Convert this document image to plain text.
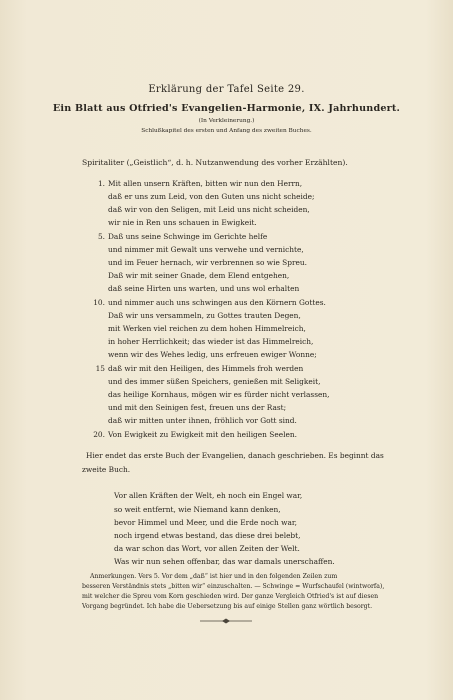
Erklärung der Tafel Seite 29.
Ein Blatt aus Otfried's Evangelien-Harmonie, IX. Jahrhundert.
(In Verkleinerung.)
Schlußkapitel des ersten und Anfang des zweiten Buches.
Spiritaliter („Geistlich“, d. h. Nutzanwendung des vorher Erzählten).
1. Mit allen unsern Kräften, bitten wir nun den Herrn,
daß er uns zum Leid, von den Guten uns nicht scheide;
daß wir von den Seligen, mit Leid uns nicht scheiden,
wir nie in Ren uns schauen in Ewigkeit.
5. Daß uns seine Schwinge im Gerichte helfe
und nimmer mit Gewalt uns verwehe und vernichte,
und im Feuer hernach, wir verbrennen so wie Spreu.
Daß wir mit seiner Gnade, dem Elend entgehen,
daß seine Hirten uns warten, und uns wol erhalten
10. und nimmer auch uns schwingen aus den Körnern Gottes.
Daß wir uns versammeln, zu Gottes trauten Degen,
mit Werken viel reichen zu dem hohen Himmelreich,
in hoher Herrlichkeit; das wieder ist das Himmelreich,
wenn wir des Wehes ledig, uns erfreuen ewiger Wonne;
15 daß wir mit den Heiligen, des Himmels froh werden
und des immer süßen Speichers, genießen mit Seligkeit,
das heilige Kornhaus, mögen wir es fürder nicht verlassen,
und mit den Seinigen fest, freuen uns der Rast;
daß wir mitten unter ihnen, fröhlich vor Gott sind.
20. Von Ewigkeit zu Ewigkeit mit den heiligen Seelen.
Hier endet das erste Buch der Evangelien, danach geschrieben. Es beginnt das
zweite Buch.
Vor allen Kräften der Welt, eh noch ein Engel war,
so weit entfernt, wie Niemand kann denken,
bevor Himmel und Meer, und die Erde noch war,
noch irgend etwas bestand, das diese drei belebt,
da war schon das Wort, vor allen Zeiten der Welt.
Was wir nun sehen offenbar, das war damals unerschaffen.
Anmerkungen. Vers 5. Vor dem „daß“ ist hier und in den folgenden Zeilen zum
besseren Verständnis stets „bitten wir“ einzuschalten. — Schwinge = Wurfschaufel (wintworfa),
mit welcher die Spreu vom Korn geschieden wird. Der ganze Vergleich Otfried's ist auf diesen
Vorgang begründet. Ich habe die Uebersetzung bis auf einige Stellen ganz wörtlich besorgt.
